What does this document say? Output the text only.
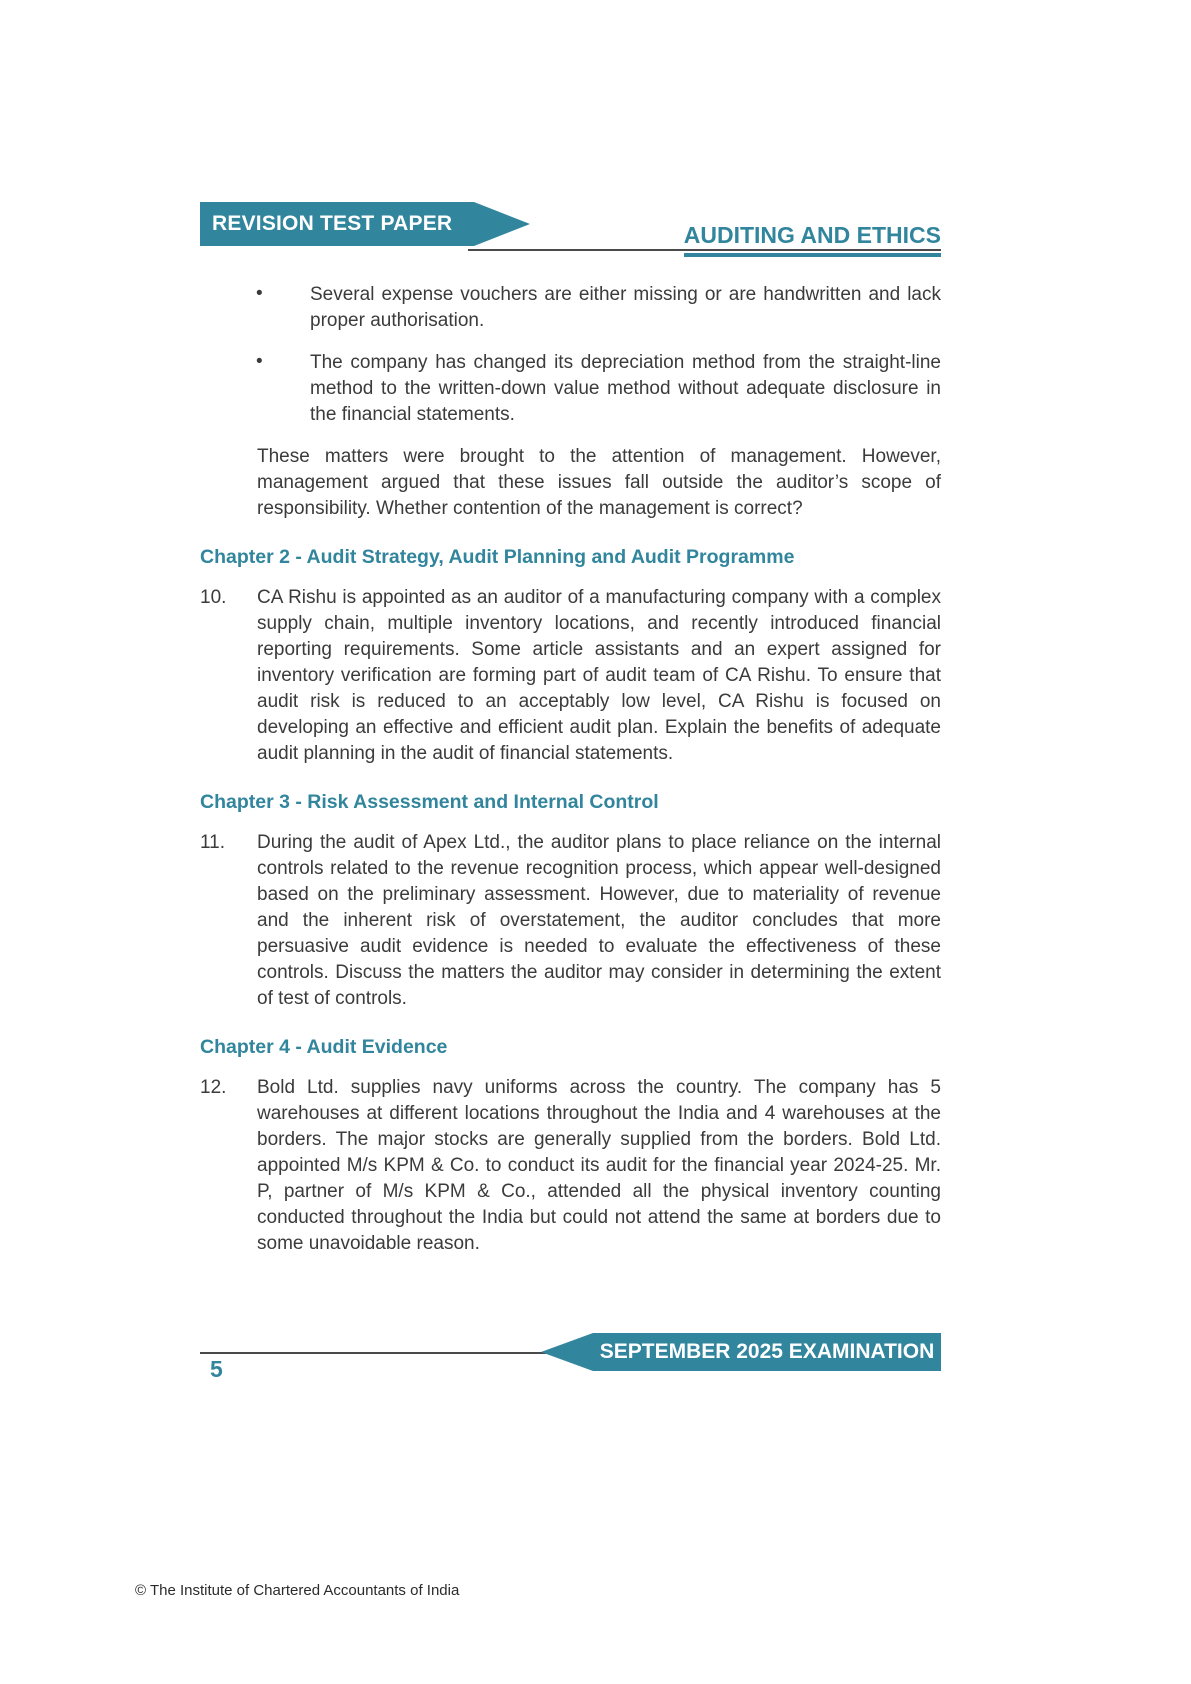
REVISION TEST PAPER	AUDITING AND ETHICS
• Several expense vouchers are either missing or are handwritten and lack proper authorisation.

• The company has changed its depreciation method from the straight-line method to the written-down value method without adequate disclosure in the financial statements.

These matters were brought to the attention of management. However, management argued that these issues fall outside the auditor’s scope of responsibility. Whether contention of the management is correct?

Chapter 2 - Audit Strategy, Audit Planning and Audit Programme
10. CA Rishu is appointed as an auditor of a manufacturing company with a complex supply chain, multiple inventory locations, and recently introduced financial reporting requirements. Some article assistants and an expert assigned for inventory verification are forming part of audit team of CA Rishu. To ensure that audit risk is reduced to an acceptably low level, CA Rishu is focused on developing an effective and efficient audit plan. Explain the benefits of adequate audit planning in the audit of financial statements.

Chapter 3 - Risk Assessment and Internal Control
11. During the audit of Apex Ltd., the auditor plans to place reliance on the internal controls related to the revenue recognition process, which appear well-designed based on the preliminary assessment. However, due to materiality of revenue and the inherent risk of overstatement, the auditor concludes that more persuasive audit evidence is needed to evaluate the effectiveness of these controls. Discuss the matters the auditor may consider in determining the extent of test of controls.

Chapter 4 - Audit Evidence
12. Bold Ltd. supplies navy uniforms across the country. The company has 5 warehouses at different locations throughout the India and 4 warehouses at the borders. The major stocks are generally supplied from the borders. Bold Ltd. appointed M/s KPM & Co. to conduct its audit for the financial year 2024-25. Mr. P, partner of M/s KPM & Co., attended all the physical inventory counting conducted throughout the India but could not attend the same at borders due to some unavoidable reason.

SEPTEMBER 2025 EXAMINATION
5
© The Institute of Chartered Accountants of India
